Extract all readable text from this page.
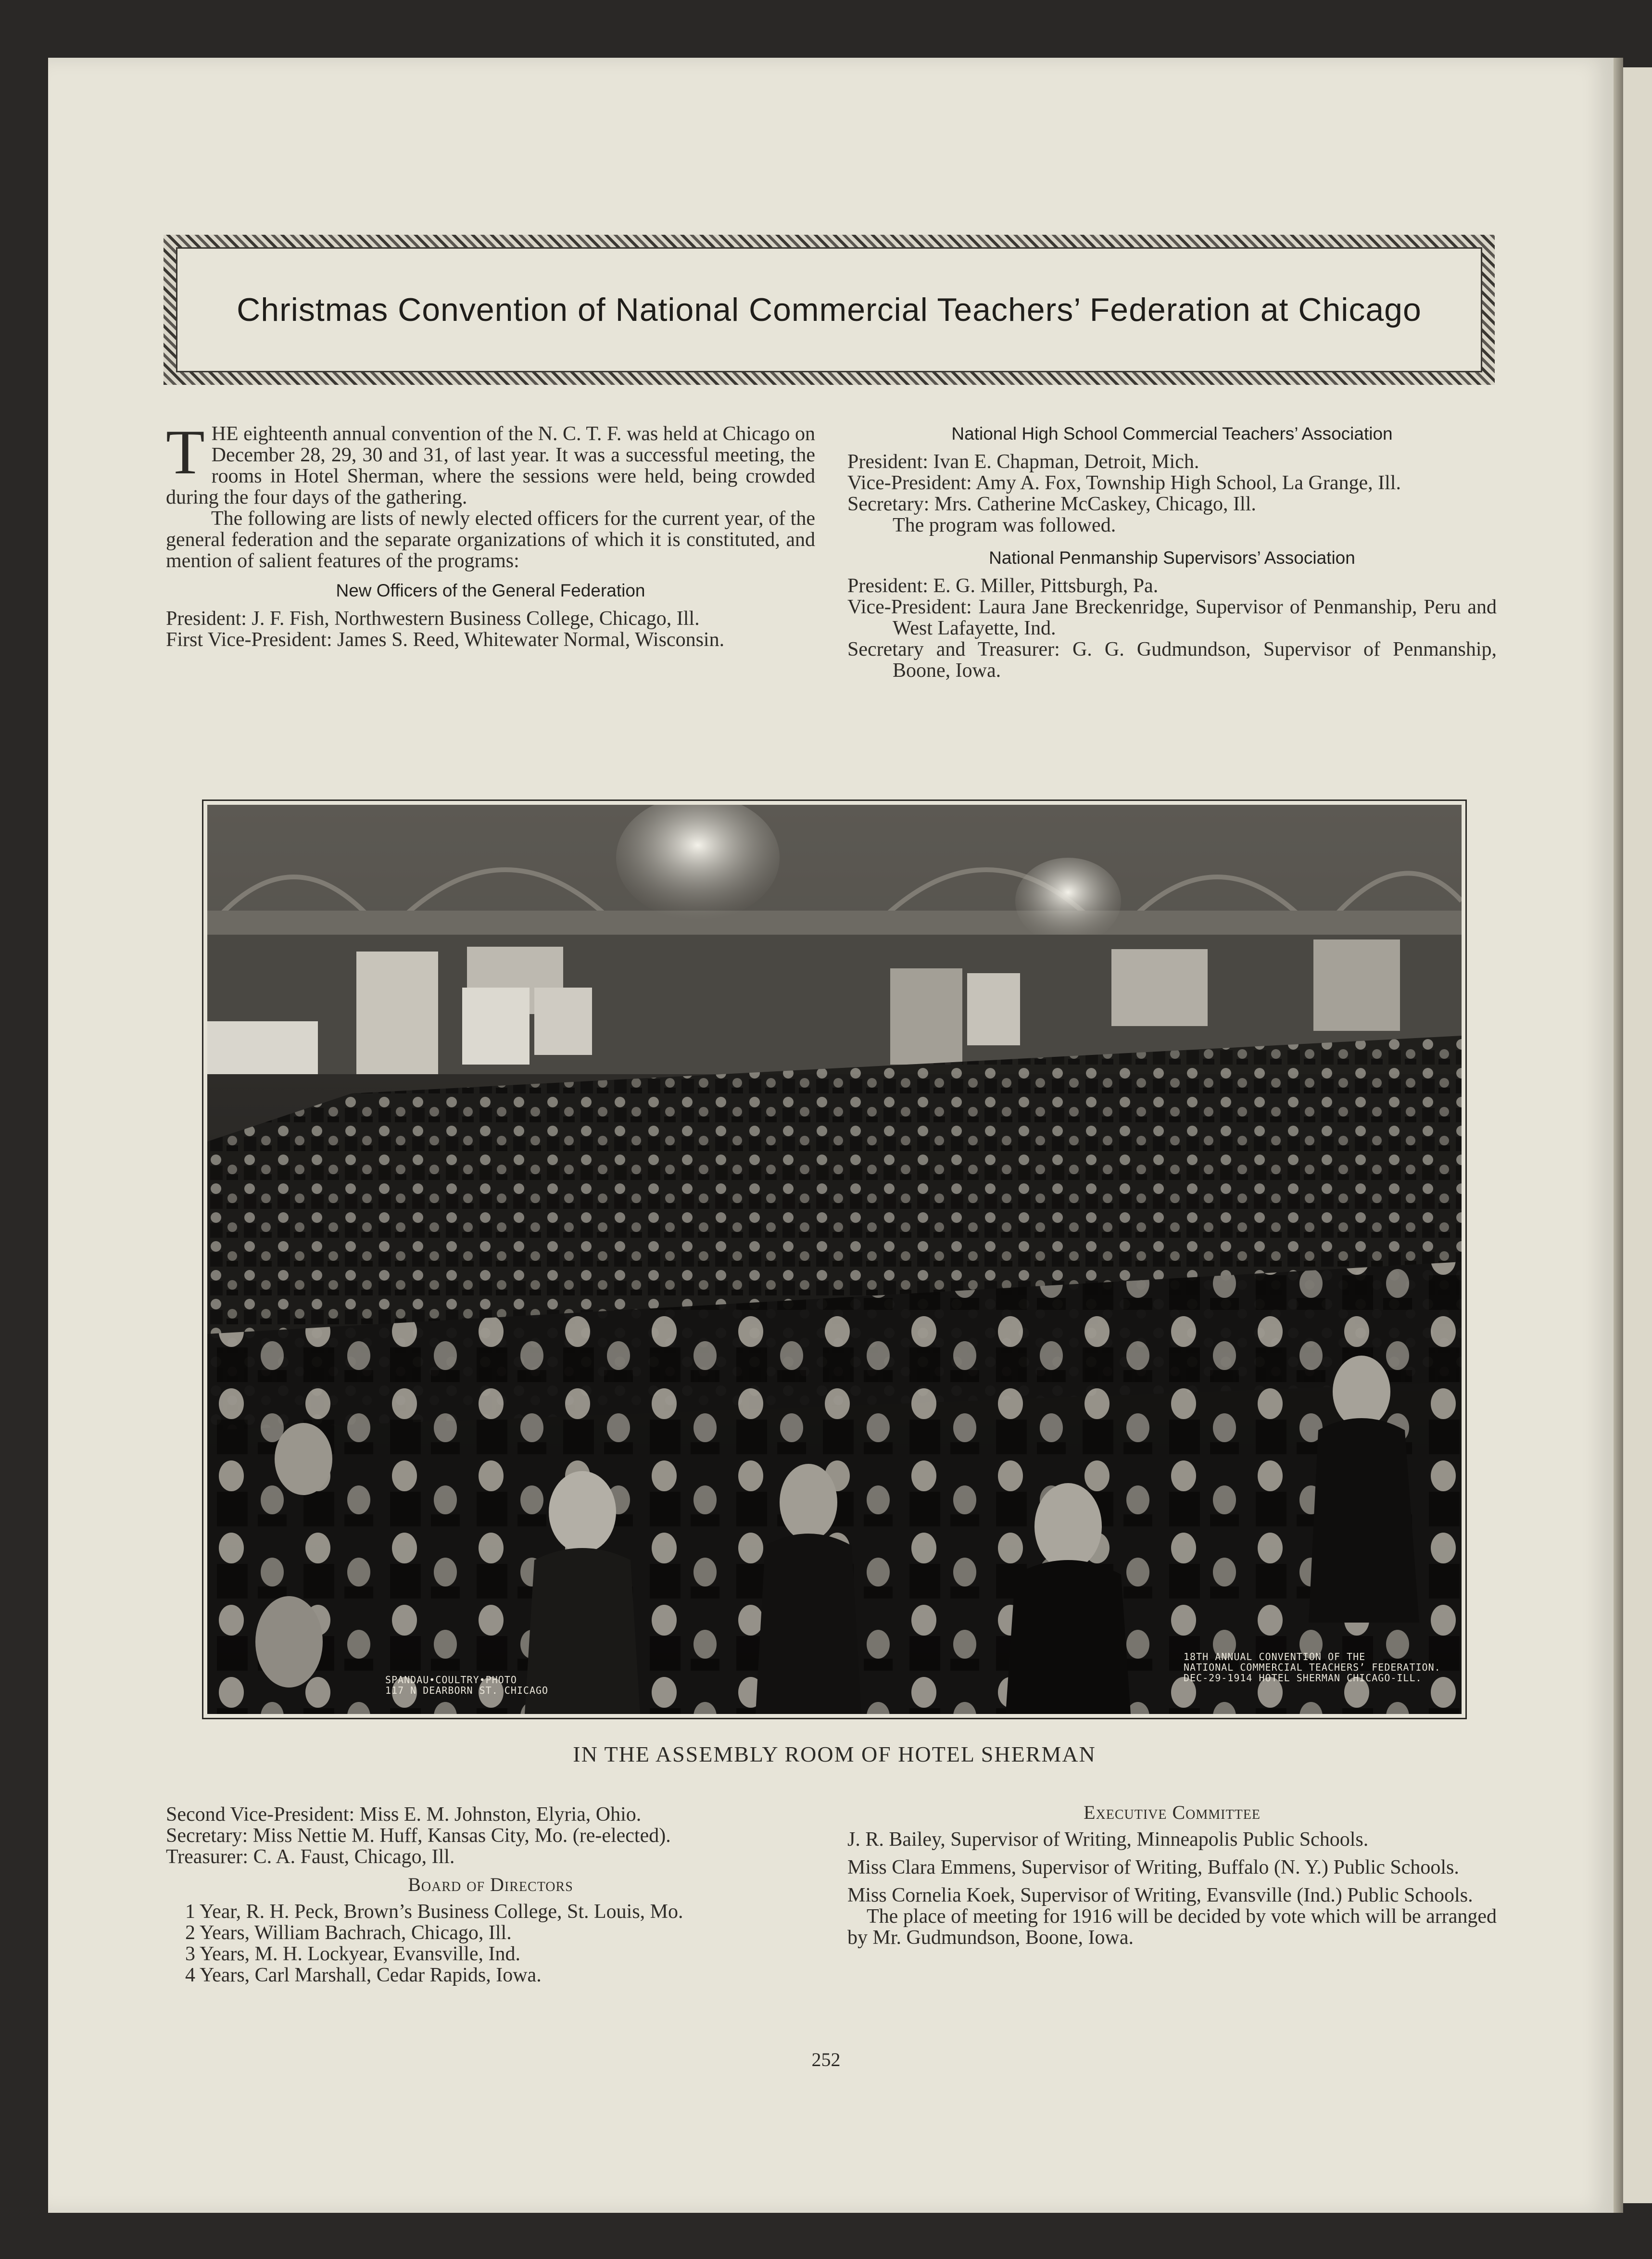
Christmas Convention of National Commercial Teachers’ Federation at Chicago

THE eighteenth annual convention of the N. C. T. F. was held at Chicago on December 28, 29, 30 and 31, of last year. It was a successful meeting, the rooms in Hotel Sherman, where the sessions were held, being crowded during the four days of the gathering.

The following are lists of newly elected officers for the current year, of the general federation and the separate organizations of which it is constituted, and mention of salient features of the programs:

New Officers of the General Federation

President: J. F. Fish, Northwestern Business College, Chicago, Ill.

First Vice-President: James S. Reed, Whitewater Normal, Wisconsin.

National High School Commercial Teachers’ Association

President: Ivan E. Chapman, Detroit, Mich.

Vice-President: Amy A. Fox, Township High School, La Grange, Ill.

Secretary: Mrs. Catherine McCaskey, Chicago, Ill.

The program was followed.

National Penmanship Supervisors’ Association

President: E. G. Miller, Pittsburgh, Pa.

Vice-President: Laura Jane Breckenridge, Supervisor of Penmanship, Peru and West Lafayette, Ind.

Secretary and Treasurer: G. G. Gudmundson, Supervisor of Penmanship, Boone, Iowa.

SPANDAU•COULTRY•PHOTO
117 N DEARBORN ST. CHICAGO
18TH ANNUAL CONVENTION OF THE
NATIONAL COMMERCIAL TEACHERS’ FEDERATION.
DEC-29-1914 HOTEL SHERMAN CHICAGO-ILL.
IN THE ASSEMBLY ROOM OF HOTEL SHERMAN

Second Vice-President: Miss E. M. Johnston, Elyria, Ohio.

Secretary: Miss Nettie M. Huff, Kansas City, Mo. (re-elected).

Treasurer: C. A. Faust, Chicago, Ill.

Board of Directors

1 Year, R. H. Peck, Brown’s Business College, St. Louis, Mo.

2 Years, William Bachrach, Chicago, Ill.

3 Years, M. H. Lockyear, Evansville, Ind.

4 Years, Carl Marshall, Cedar Rapids, Iowa.

Executive Committee

J. R. Bailey, Supervisor of Writing, Minneapolis Public Schools.

Miss Clara Emmens, Supervisor of Writing, Buffalo (N. Y.) Public Schools.

Miss Cornelia Koek, Supervisor of Writing, Evansville (Ind.) Public Schools.

The place of meeting for 1916 will be decided by vote which will be arranged by Mr. Gudmundson, Boone, Iowa.

252
